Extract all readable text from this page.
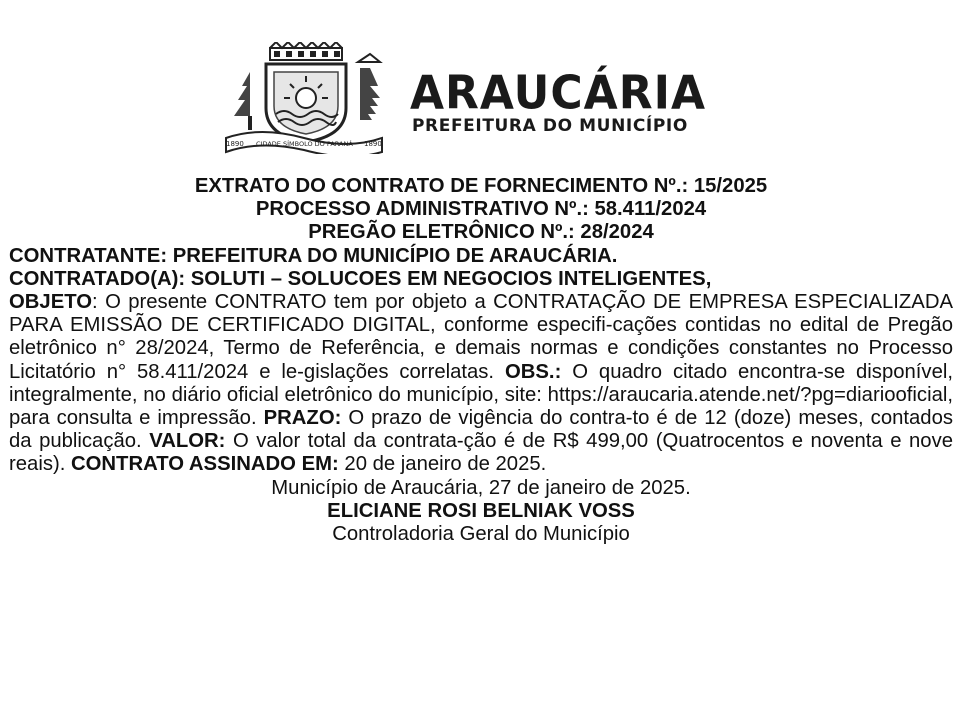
1890	1890
CIDADE SÍMBOLO DO PARANÁ
ARAUCÁRIA
PREFEITURA DO MUNICÍPIO
EXTRATO DO CONTRATO DE FORNECIMENTO Nº.: 15/2025
PROCESSO ADMINISTRATIVO Nº.: 58.411/2024
PREGÃO ELETRÔNICO Nº.: 28/2024
CONTRATANTE: PREFEITURA DO MUNICÍPIO DE ARAUCÁRIA.
CONTRATADO(A): SOLUTI – SOLUCOES EM NEGOCIOS INTELIGENTES,
OBJETO: O presente CONTRATO tem por objeto a CONTRATAÇÃO DE EMPRESA ESPECIALIZADA PARA EMISSÃO DE CERTIFICADO DIGITAL, conforme especifi-cações contidas no edital de Pregão eletrônico n° 28/2024, Termo de Referência, e demais normas e condições constantes no Processo Licitatório n° 58.411/2024 e le-gislações correlatas. OBS.: O quadro citado encontra-se disponível, integralmente, no diário oficial eletrônico do município, site: https://araucaria.atende.net/?pg=diariooficial, para consulta e impressão. PRAZO: O prazo de vigência do contra-to é de 12 (doze) meses, contados da publicação. VALOR: O valor total da contrata-ção é de R$ 499,00 (Quatrocentos e noventa e nove reais). CONTRATO ASSINADO EM: 20 de janeiro de 2025.
Município de Araucária, 27 de janeiro de 2025.
ELICIANE ROSI BELNIAK VOSS
Controladoria Geral do Município
